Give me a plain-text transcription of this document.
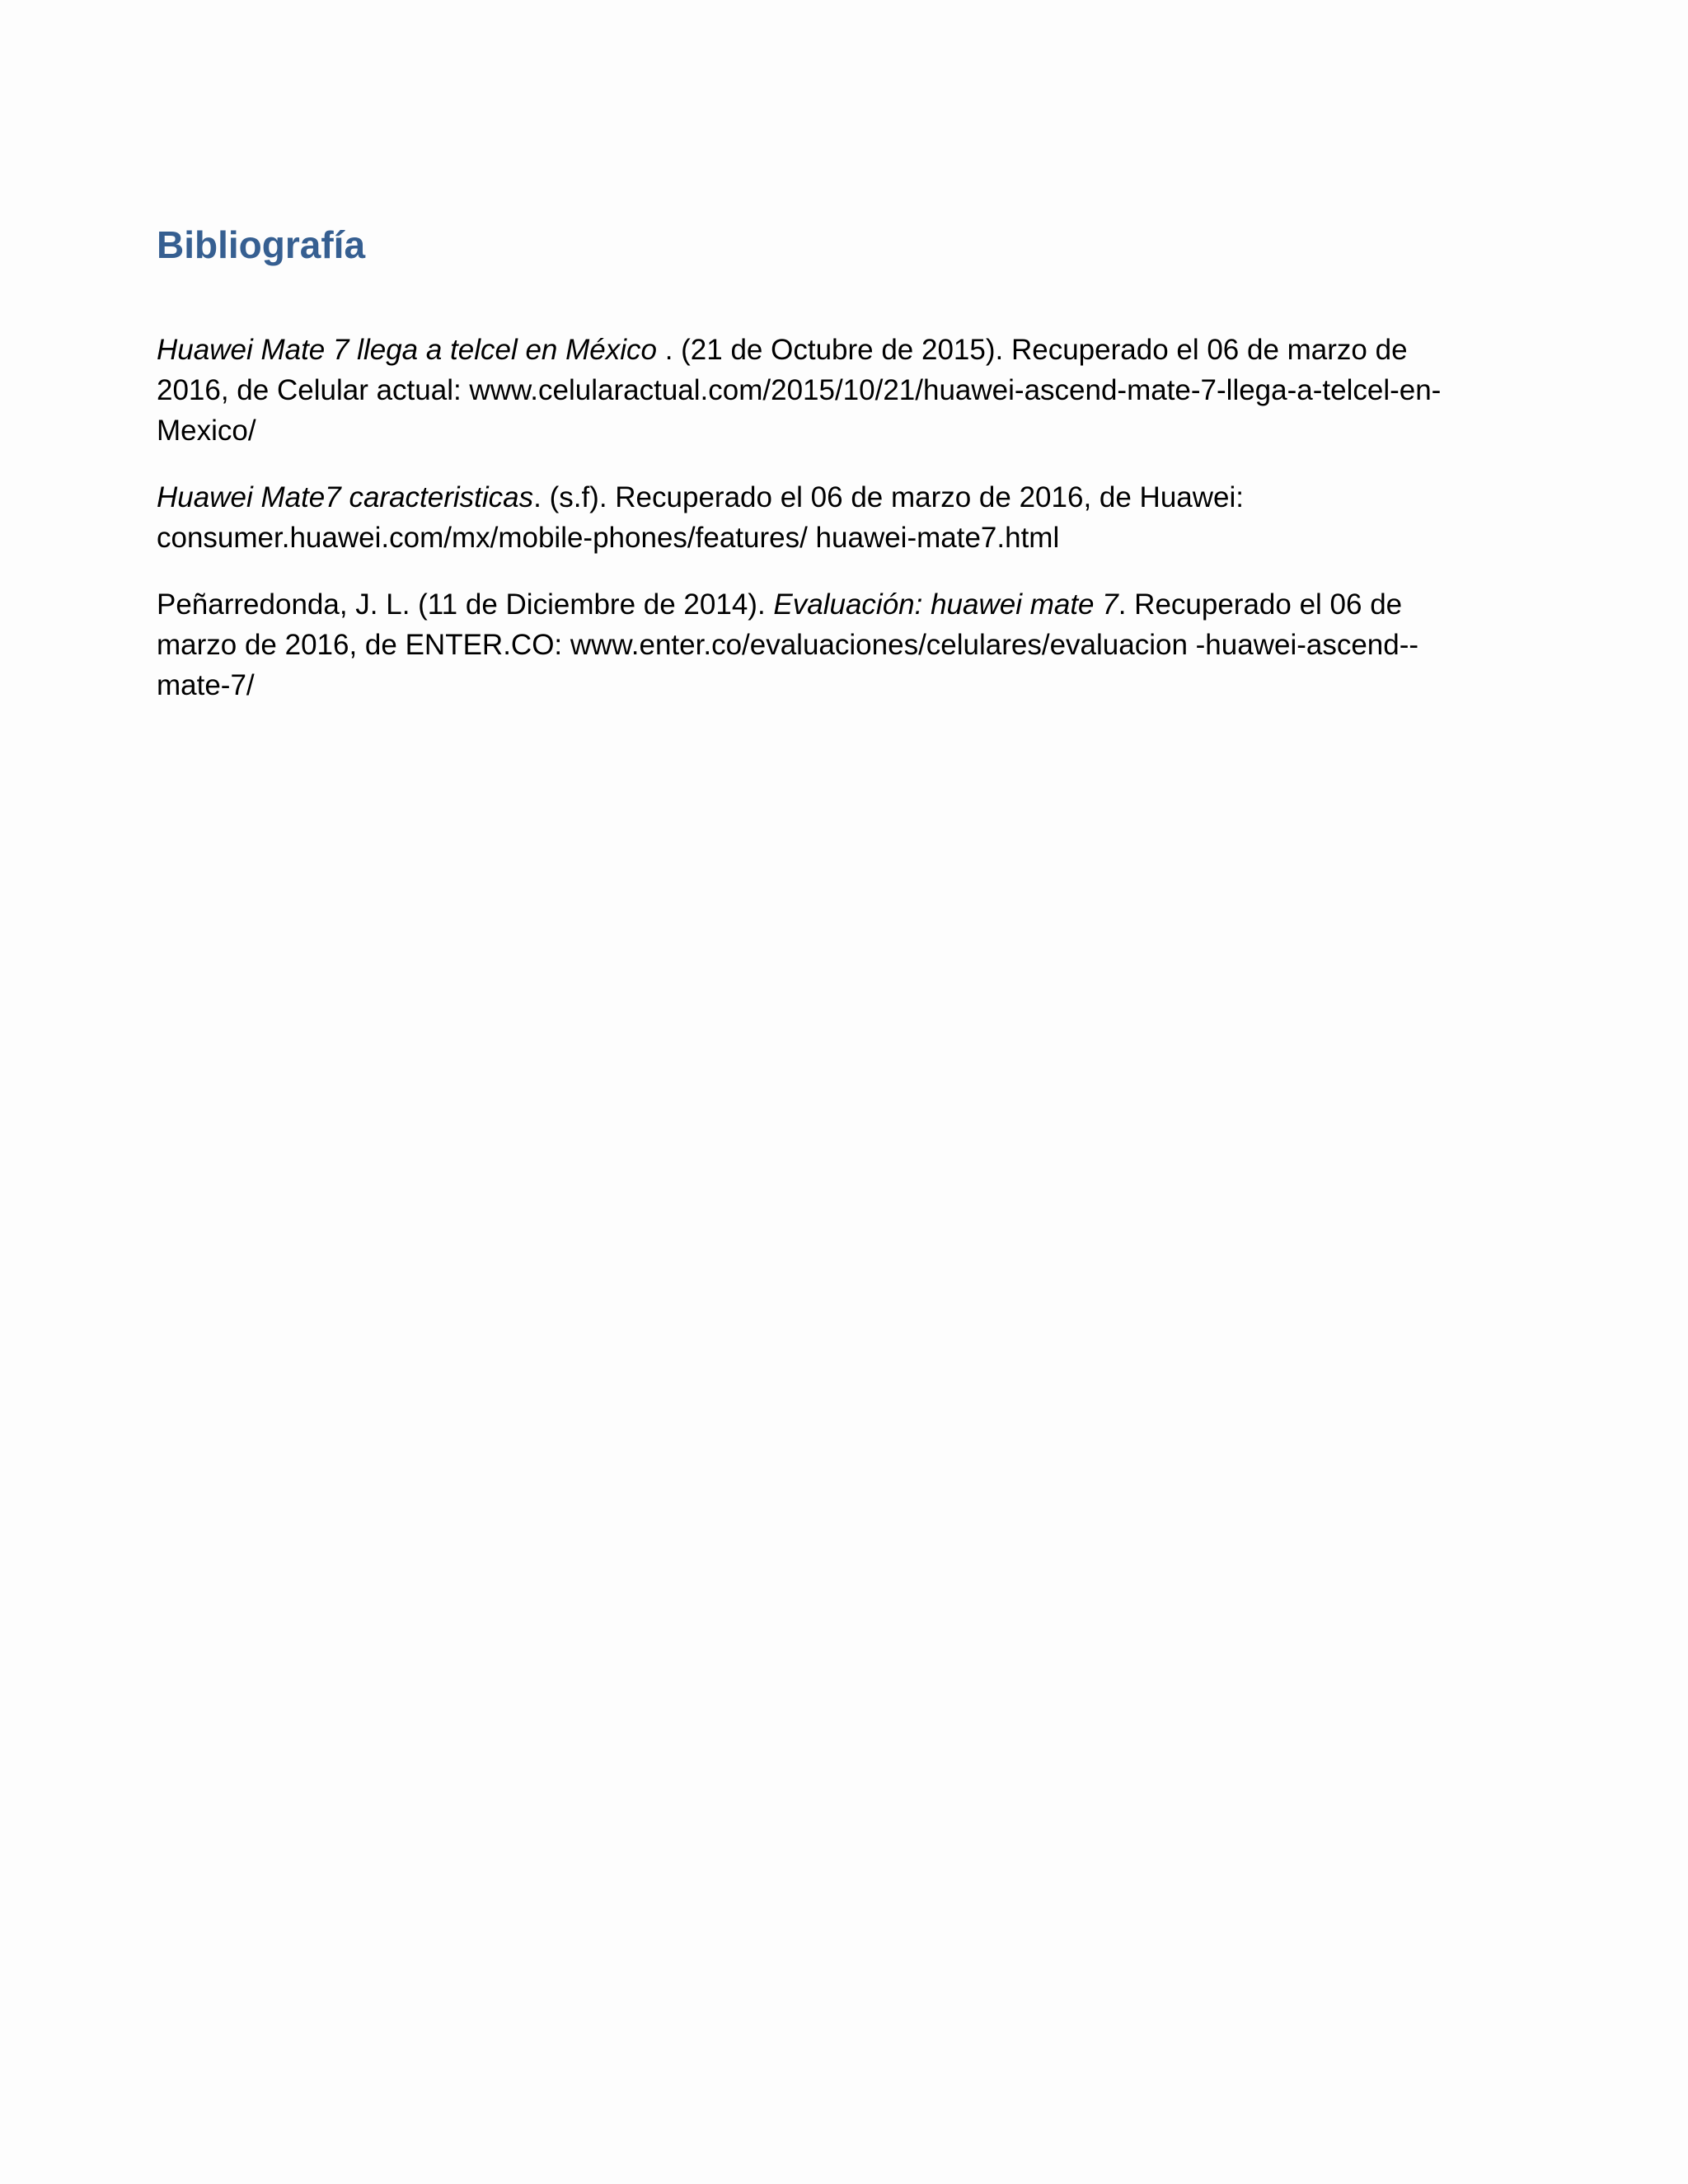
Bibliografía

Huawei Mate 7 llega a telcel en México . (21 de Octubre de 2015). Recuperado el 06 de marzo de
2016, de Celular actual: www.celularactual.com/2015/10/21/huawei-ascend-mate-7-llega-a-telcel-en-
Mexico/

Huawei Mate7 caracteristicas. (s.f). Recuperado el 06 de marzo de 2016, de Huawei:
consumer.huawei.com/mx/mobile-phones/features/ huawei-mate7.html

Peñarredonda, J. L. (11 de Diciembre de 2014). Evaluación: huawei mate 7. Recuperado el 06 de
marzo de 2016, de ENTER.CO: www.enter.co/evaluaciones/celulares/evaluacion -huawei-ascend--
mate-7/
